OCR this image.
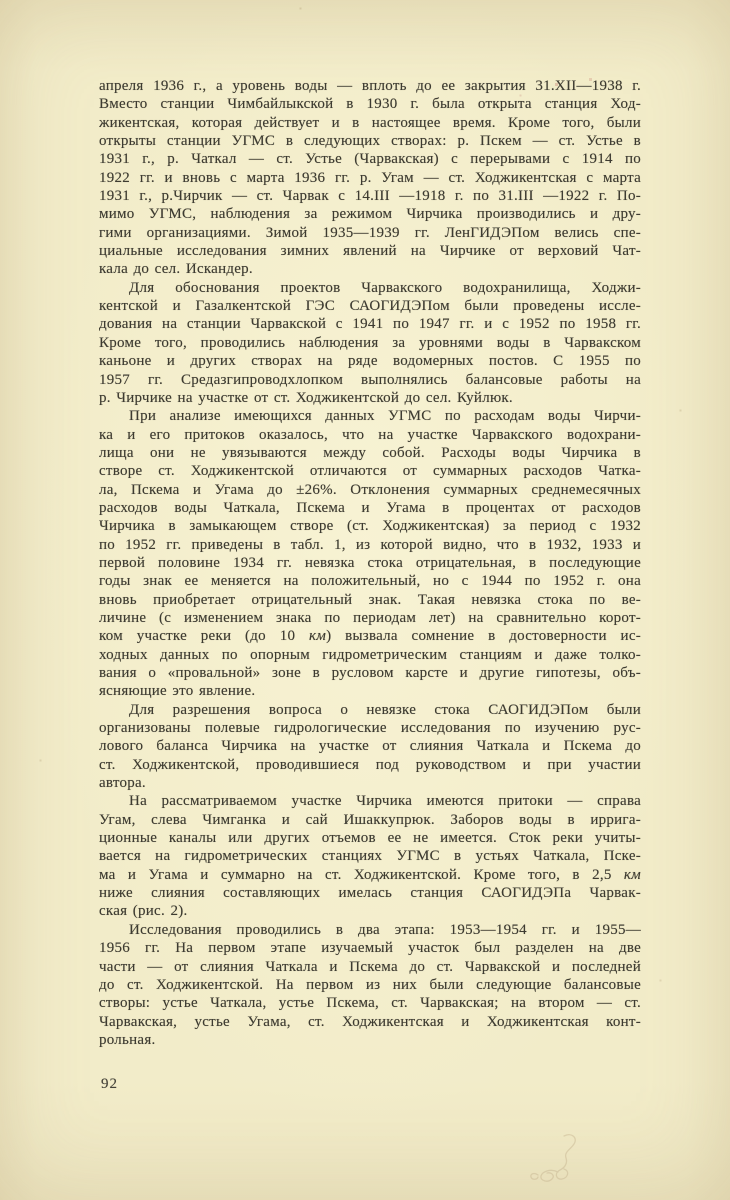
апреля 1936 г., а уровень воды — вплоть до ее закрытия 31.XII—1938 г.
Вместо станции Чимбайлыкской в 1930 г. была открыта станция Ход-
жикентская, которая действует и в настоящее время. Кроме того, были
открыты станции УГМС в следующих створах: р. Пскем — ст. Устье в
1931 г., р. Чаткал — ст. Устье (Чарвакская) с перерывами с 1914 по
1922 гг. и вновь с марта 1936 гг. р. Угам — ст. Ходжикентская с марта
1931 г., р.Чирчик — ст. Чарвак с 14.III —1918 г. по 31.III —1922 г. По-
мимо УГМС, наблюдения за режимом Чирчика производились и дру-
гими организациями. Зимой 1935—1939 гг. ЛенГИДЭПом велись спе-
циальные исследования зимних явлений на Чирчике от верховий Чат-
кала до сел. Искандер.
Для обоснования проектов Чарвакского водохранилища, Ходжи-
кентской и Газалкентской ГЭС САОГИДЭПом были проведены иссле-
дования на станции Чарвакской с 1941 по 1947 гг. и с 1952 по 1958 гг.
Кроме того, проводились наблюдения за уровнями воды в Чарвакском
каньоне и других створах на ряде водомерных постов. С 1955 по
1957 гг. Средазгипроводхлопком выполнялись балансовые работы на
р. Чирчике на участке от ст. Ходжикентской до сел. Куйлюк.
При анализе имеющихся данных УГМС по расходам воды Чирчи-
ка и его притоков оказалось, что на участке Чарвакского водохрани-
лища они не увязываются между собой. Расходы воды Чирчика в
створе ст. Ходжикентской отличаются от суммарных расходов Чатка-
ла, Пскема и Угама до ±26%. Отклонения суммарных среднемесячных
расходов воды Чаткала, Пскема и Угама в процентах от расходов
Чирчика в замыкающем створе (ст. Ходжикентская) за период с 1932
по 1952 гг. приведены в табл. 1, из которой видно, что в 1932, 1933 и
первой половине 1934 гг. невязка стока отрицательная, в последующие
годы знак ее меняется на положительный, но с 1944 по 1952 г. она
вновь приобретает отрицательный знак. Такая невязка стока по ве-
личине (с изменением знака по периодам лет) на сравнительно корот-
ком участке реки (до 10 км) вызвала сомнение в достоверности ис-
ходных данных по опорным гидрометрическим станциям и даже толко-
вания о «провальной» зоне в русловом карсте и другие гипотезы, объ-
ясняющие это явление.
Для разрешения вопроса о невязке стока САОГИДЭПом были
организованы полевые гидрологические исследования по изучению рус-
лового баланса Чирчика на участке от слияния Чаткала и Пскема до
ст. Ходжикентской, проводившиеся под руководством и при участии
автора.
На рассматриваемом участке Чирчика имеются притоки — справа
Угам, слева Чимганка и сай Ишаккупрюк. Заборов воды в иррига-
ционные каналы или других отъемов ее не имеется. Сток реки учиты-
вается на гидрометрических станциях УГМС в устьях Чаткала, Пске-
ма и Угама и суммарно на ст. Ходжикентской. Кроме того, в 2,5 км
ниже слияния составляющих имелась станция САОГИДЭПа Чарвак-
ская (рис. 2).
Исследования проводились в два этапа: 1953—1954 гг. и 1955—
1956 гг. На первом этапе изучаемый участок был разделен на две
части — от слияния Чаткала и Пскема до ст. Чарвакской и последней
до ст. Ходжикентской. На первом из них были следующие балансовые
створы: устье Чаткала, устье Пскема, ст. Чарвакская; на втором — ст.
Чарвакская, устье Угама, ст. Ходжикентская и Ходжикентская конт-
рольная.
92
